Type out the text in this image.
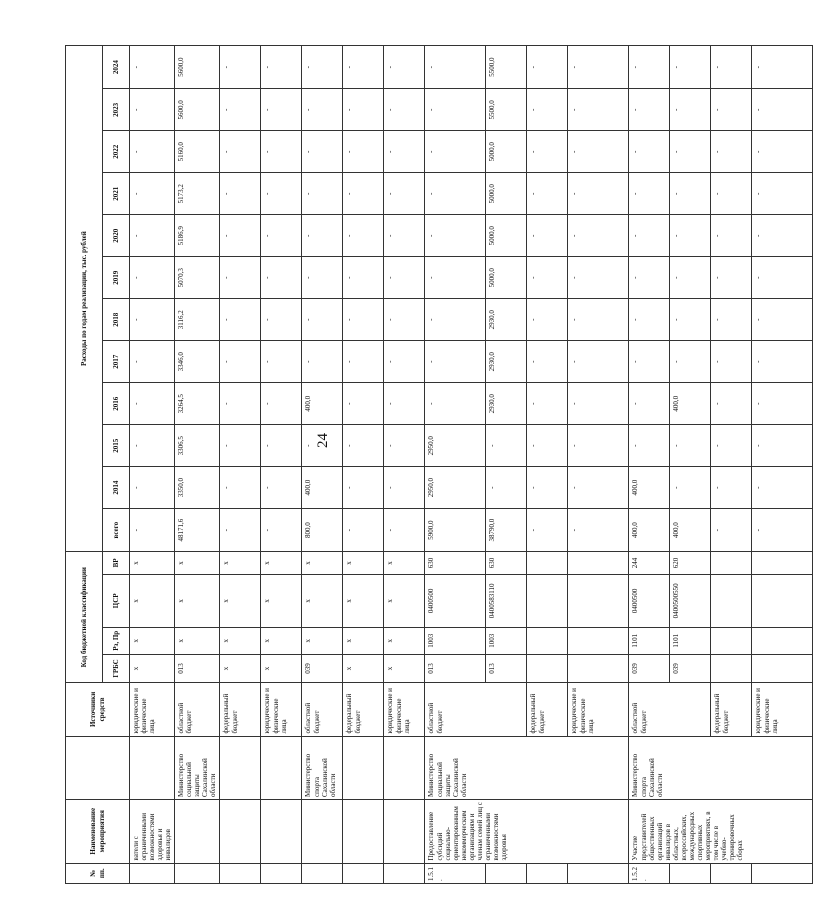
24
№ пп.	Наименование мероприятия		Источники средств	Код бюджетной классификации				Расходы по годам реализации, тыс. рублей											
				ГРБС	Рз, Пр	ЦСР	ВР	всего	2014	2015	2016	2017	2018	2019	2020	2021	2022	2023	2024
	ватели с ограниченными возможностями здоровья и инвалидов		юридические и физические лица	x	x	x	x	-	-	-	-	-	-	-	-	-	-	-	-
		Министерство социальной защиты Сахалинской области	областной бюджет	013	x	x	x	48171,6	3350,0	3306,5	3264,5	3346,0	3116,2	5070,3	5186,9	5173,2	5160,0	5600,0	5600,0
			федеральный бюджет	x	x	x	x	-	-	-	-	-	-	-	-	-	-	-	-
			юридические и физические лица	x	x	x	x	-	-	-	-	-	-	-	-	-	-	-	-
		Министерство спорта Сахалинской области	областной бюджет	039	x	x	x	800,0	400,0	-	400,0	-	-	-	-	-	-	-	-
			федеральный бюджет	x	x	x	x	-	-	-	-	-	-	-	-	-	-	-	-
			юридические и физические лица	x	x	x	x	-	-	-	-	-	-	-	-	-	-	-	-
1.5.1.	Предоставление субсидий социально-ориентированным некоммерческим организациям и членам семей лиц с ограниченными возможностями здоровья	Министерство социальной защиты Сахалинской области	областной бюджет	013	1003	0400500	630	5900,0	2950,0	2950,0	-	-	-	-	-	-	-	-	-
				013	1003	0400583110	630	38790,0	-	-	2930,0	2930,0	2930,0	5000,0	5000,0	5000,0	5000,0	5500,0	5500,0
			федеральный бюджет					-	-	-	-	-	-	-	-	-	-	-	-
			юридические и физические лица					-	-	-	-	-	-	-	-	-	-	-	-
1.5.2.	Участие представителей общественных организаций инвалидов в областных, всероссийских, международных спортивных мероприятиях, в том числе в учебно-тренировочных сборах	Министерство спорта Сахалинской области	областной бюджет	039	1101	0400500	244	400,0	400,0	-	-	-	-	-	-	-	-	-	-
				039	1101	0400500550	620	400,0	-	-	400,0	-	-	-	-	-	-	-	-
			федеральный бюджет					-	-	-	-	-	-	-	-	-	-	-	-
			юридические и физические лица					-	-	-	-	-	-	-	-	-	-	-	-
